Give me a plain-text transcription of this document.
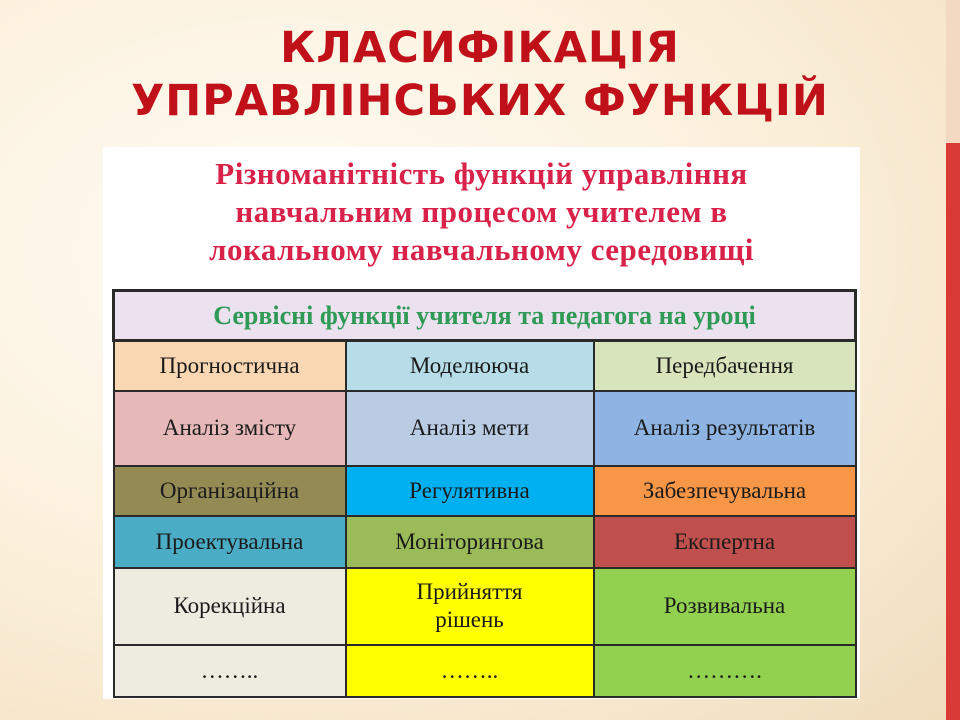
КЛАСИФІКАЦІЯ
УПРАВЛІНСЬКИХ ФУНКЦІЙ
Різноманітність функцій управління
навчальним процесом учителем в
локальному навчальному середовищі
Сервісні функції учителя та педагога на уроці		
Прогностична	Моделююча	Передбачення
Аналіз змісту	Аналіз мети	Аналіз результатів
Організаційна	Регулятивна	Забезпечувальна
Проектувальна	Моніторингова	Експертна
Корекційна	Прийняття рішень	Розвивальна
……..	……..	……….
